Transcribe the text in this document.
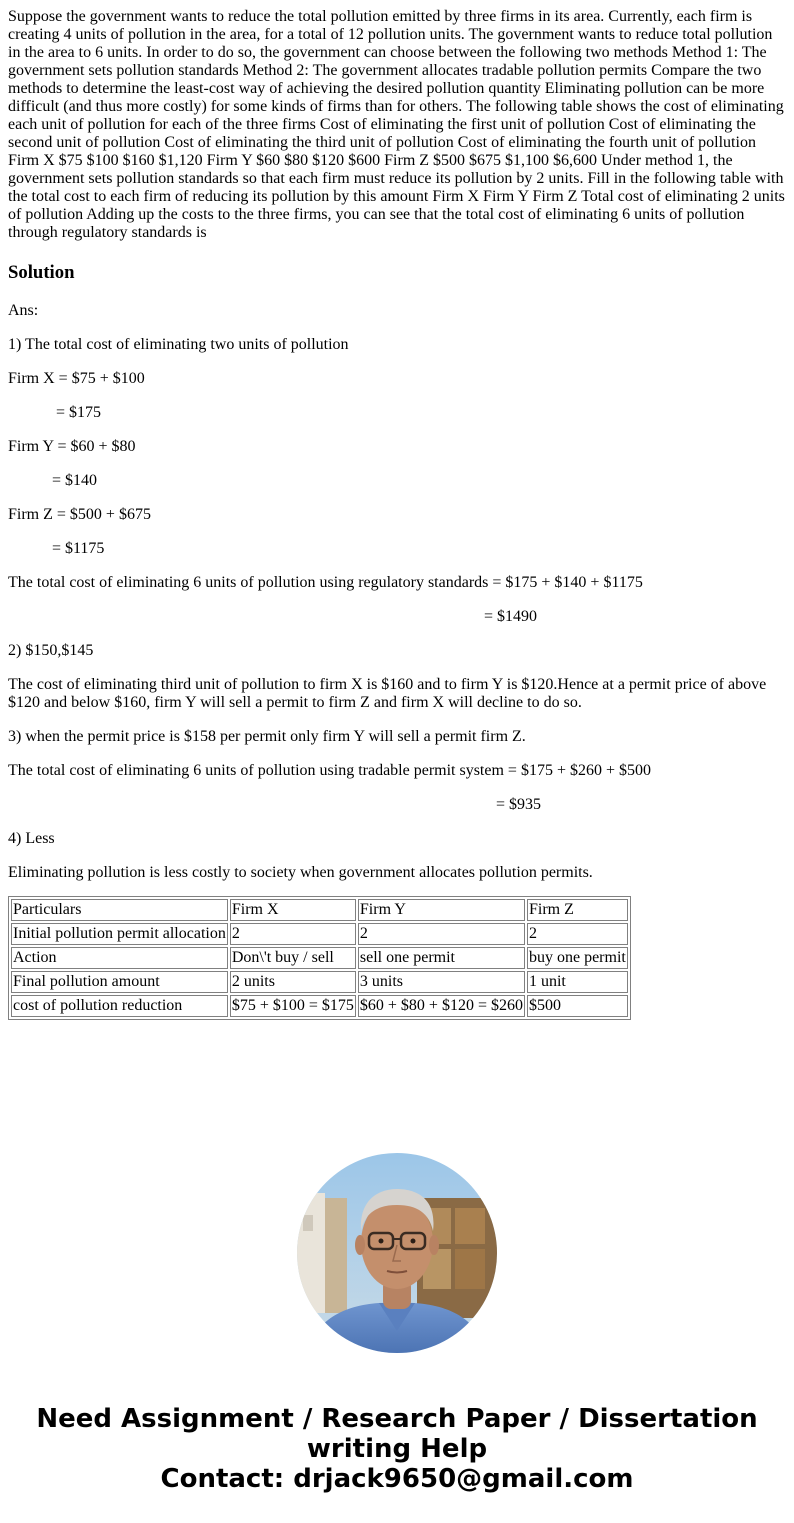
Suppose the government wants to reduce the total pollution emitted by three firms in its area. Currently, each firm is creating 4 units of pollution in the area, for a total of 12 pollution units. The government wants to reduce total pollution in the area to 6 units. In order to do so, the government can choose between the following two methods Method 1: The government sets pollution standards Method 2: The government allocates tradable pollution permits Compare the two methods to determine the least-cost way of achieving the desired pollution quantity Eliminating pollution can be more difficult (and thus more costly) for some kinds of firms than for others. The following table shows the cost of eliminating each unit of pollution for each of the three firms Cost of eliminating the first unit of pollution Cost of eliminating the second unit of pollution Cost of eliminating the third unit of pollution Cost of eliminating the fourth unit of pollution Firm X $75 $100 $160 $1,120 Firm Y $60 $80 $120 $600 Firm Z $500 $675 $1,100 $6,600 Under method 1, the government sets pollution standards so that each firm must reduce its pollution by 2 units. Fill in the following table with the total cost to each firm of reducing its pollution by this amount Firm X Firm Y Firm Z Total cost of eliminating 2 units of pollution Adding up the costs to the three firms, you can see that the total cost of eliminating 6 units of pollution through regulatory standards is
Solution

Ans:

1) The total cost of eliminating two units of pollution

Firm X = $75 + $100

= $175

Firm Y = $60 + $80

= $140

Firm Z = $500 + $675

= $1175

The total cost of eliminating 6 units of pollution using regulatory standards = $175 + $140 + $1175

= $1490

2) $150,$145

The cost of eliminating third unit of pollution to firm X is $160 and to firm Y is $120.Hence at a permit price of above $120 and below $160, firm Y will sell a permit to firm Z and firm X will decline to do so.

3) when the permit price is $158 per permit only firm Y will sell a permit firm Z.

The total cost of eliminating 6 units of pollution using tradable permit system = $175 + $260 + $500

= $935

4) Less

Eliminating pollution is less costly to society when government allocates pollution permits.

Particulars	Firm X	Firm Y	Firm Z
Initial pollution permit allocation	2	2	2
Action	Don\'t buy / sell	sell one permit	buy one permit
Final pollution amount	2 units	3 units	1 unit
cost of pollution reduction	$75 + $100 = $175	$60 + $80 + $120 = $260	$500
Need Assignment / Research Paper / Dissertation
writing Help
Contact: drjack9650@gmail.com
